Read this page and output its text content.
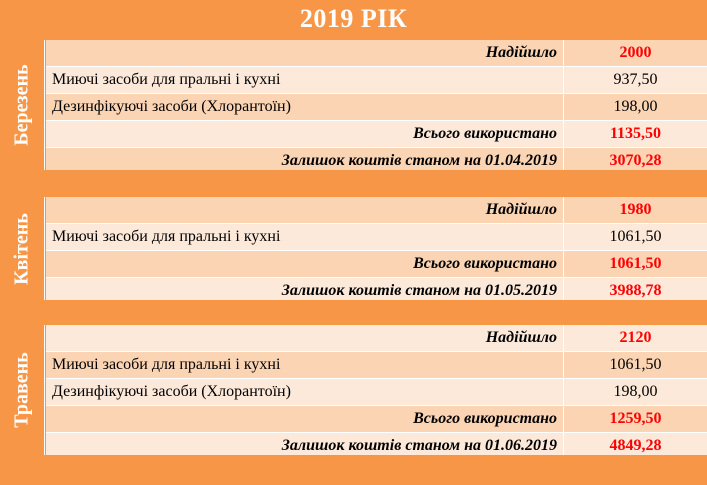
2019 РІК
Березень
Надійшло	2000
Миючі засоби для пральні і кухні	937,50
Дезинфікуючі засоби (Хлорантоїн)	198,00
Всього використано	1135,50
Залишок коштів станом на 01.04.2019	3070,28
Квітень
Надійшло	1980
Миючі засоби для пральні і кухні	1061,50
Всього використано	1061,50
Залишок коштів станом на 01.05.2019	3988,78
Травень
Надійшло	2120
Миючі засоби для пральні і кухні	1061,50
Дезинфікуючі засоби (Хлорантоїн)	198,00
Всього використано	1259,50
Залишок коштів станом на 01.06.2019	4849,28
